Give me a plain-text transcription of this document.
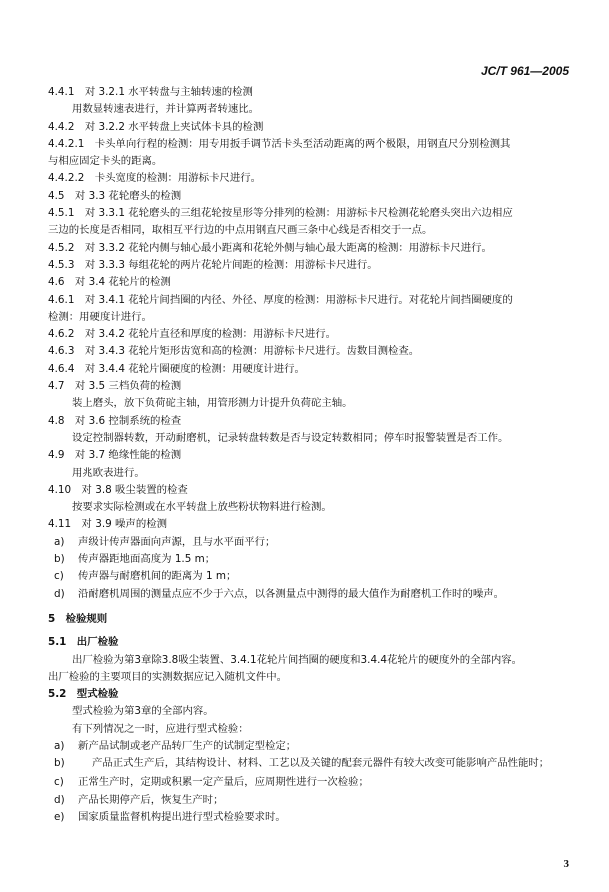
JC/T 961—2005
4.4.1　对 3.2.1 水平转盘与主轴转速的检测
用数显转速表进行，并计算两者转速比。
4.4.2　对 3.2.2 水平转盘上夹试体卡具的检测
4.4.2.1　卡头单向行程的检测：用专用扳手调节活卡头至活动距离的两个极限，用钢直尺分别检测其
与相应固定卡头的距离。
4.4.2.2　卡头宽度的检测：用游标卡尺进行。
4.5　对 3.3 花轮磨头的检测
4.5.1　对 3.3.1 花轮磨头的三组花轮按星形等分排列的检测：用游标卡尺检测花轮磨头突出六边相应
三边的长度是否相同，取相互平行边的中点用钢直尺画三条中心线是否相交于一点。
4.5.2　对 3.3.2 花轮内侧与轴心最小距离和花轮外侧与轴心最大距离的检测：用游标卡尺进行。
4.5.3　对 3.3.3 每组花轮的两片花轮片间距的检测：用游标卡尺进行。
4.6　对 3.4 花轮片的检测
4.6.1　对 3.4.1 花轮片间挡圈的内径、外径、厚度的检测：用游标卡尺进行。对花轮片间挡圈硬度的
检测：用硬度计进行。
4.6.2　对 3.4.2 花轮片直径和厚度的检测：用游标卡尺进行。
4.6.3　对 3.4.3 花轮片矩形齿宽和高的检测：用游标卡尺进行。齿数目测检查。
4.6.4　对 3.4.4 花轮片圈硬度的检测：用硬度计进行。
4.7　对 3.5 三档负荷的检测
装上磨头，放下负荷砣主轴，用管形测力计提升负荷砣主轴。
4.8　对 3.6 控制系统的检查
设定控制器转数，开动耐磨机，记录转盘转数是否与设定转数相同；停车时报警装置是否工作。
4.9　对 3.7 绝缘性能的检测
用兆欧表进行。
4.10　对 3.8 吸尘装置的检查
按要求实际检测或在水平转盘上放些粉状物料进行检测。
4.11　对 3.9 噪声的检测
a)	声级计传声器面向声源，且与水平面平行；
b)	传声器距地面高度为 1.5 m；
c)	传声器与耐磨机间的距离为 1 m；
d)	沿耐磨机周围的测量点应不少于六点，以各测量点中测得的最大值作为耐磨机工作时的噪声。
5　检验规则
5.1　出厂检验
出厂检验为第3章除3.8吸尘装置、3.4.1花轮片间挡圈的硬度和3.4.4花轮片的硬度外的全部内容。
出厂检验的主要项目的实测数据应记入随机文件中。
5.2　型式检验
型式检验为第3章的全部内容。
有下列情况之一时，应进行型式检验：
a)	新产品试制或老产品转厂生产的试制定型检定；
b)	产品正式生产后，其结构设计、材料、工艺以及关键的配套元器件有较大改变可能影响产品性能时；
c)	正常生产时，定期或积累一定产量后，应周期性进行一次检验；
d)	产品长期停产后，恢复生产时；
e)	国家质量监督机构提出进行型式检验要求时。
3
